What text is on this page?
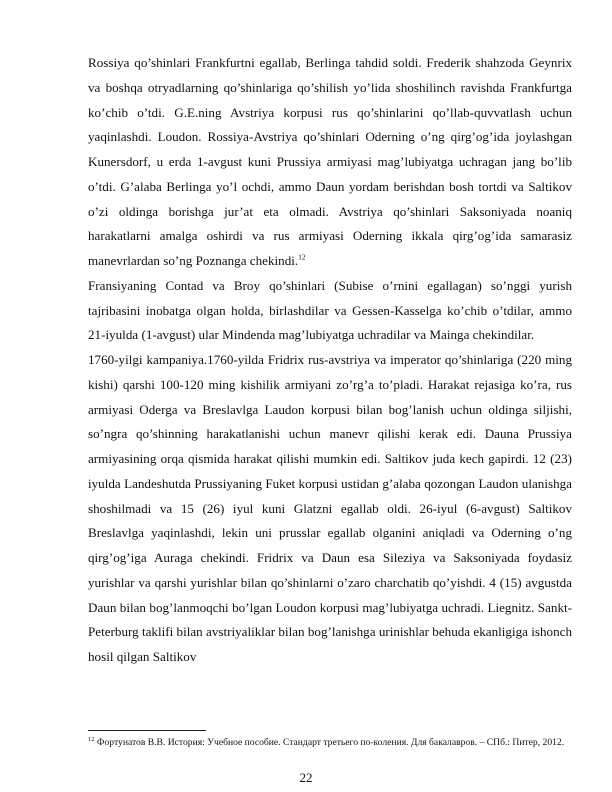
Rossiya qo’shinlari Frankfurtni egallab, Berlinga tahdid soldi. Frederik shahzoda Geynrix va boshqa otryadlarning qo’shinlariga qo’shilish yo’lida shoshilinch ravishda Frankfurtga ko’chib o’tdi. G.E.ning Avstriya korpusi rus qo’shinlarini qo’llab-quvvatlash uchun yaqinlashdi. Loudon. Rossiya-Avstriya qo’shinlari Oderning o’ng qirg’og’ida joylashgan Kunersdorf, u erda 1-avgust kuni Prussiya armiyasi mag’lubiyatga uchragan jang bo’lib o’tdi. G’alaba Berlinga yo’l ochdi, ammo Daun yordam berishdan bosh tortdi va Saltikov o’zi oldinga borishga jur’at eta olmadi. Avstriya qo’shinlari Saksoniyada noaniq harakatlarni amalga oshirdi va rus armiyasi Oderning ikkala qirg’og’ida samarasiz manevrlardan so’ng Poznanga chekindi.$^{12}$

Fransiyaning Contad va Broy qo’shinlari (Subise o’rnini egallagan) so’nggi yurish tajribasini inobatga olgan holda, birlashdilar va Gessen-Kasselga ko’chib o’tdilar, ammo 21-iyulda (1-avgust) ular Mindenda mag’lubiyatga uchradilar va Mainga chekindilar.

1760-yilgi kampaniya.1760-yilda Fridrix rus-avstriya va imperator qo’shinlariga (220 ming kishi) qarshi 100-120 ming kishilik armiyani zo’rg’a to’pladi. Harakat rejasiga ko’ra, rus armiyasi Oderga va Breslavlga Laudon korpusi bilan bog’lanish uchun oldinga siljishi, so’ngra qo’shinning harakatlanishi uchun manevr qilishi kerak edi. Dauna Prussiya armiyasining orqa qismida harakat qilishi mumkin edi. Saltikov juda kech gapirdi. 12 (23) iyulda Landeshutda Prussiyaning Fuket korpusi ustidan g’alaba qozongan Laudon ulanishga shoshilmadi va 15 (26) iyul kuni Glatzni egallab oldi. 26-iyul (6-avgust) Saltikov Breslavlga yaqinlashdi, lekin uni prusslar egallab olganini aniqladi va Oderning o’ng qirg’og’iga Auraga chekindi. Fridrix va Daun esa Sileziya va Saksoniyada foydasiz yurishlar va qarshi yurishlar bilan qo’shinlarni o’zaro charchatib qo’yishdi. 4 (15) avgustda Daun bilan bog’lanmoqchi bo’lgan Loudon korpusi mag’lubiyatga uchradi. Liegnitz. Sankt-Peterburg taklifi bilan avstriyaliklar bilan bog’lanishga urinishlar behuda ekanligiga ishonch hosil qilgan Saltikov

$^{12}$ Фортунатов В.В. История: Учебное пособие. Стандарт третьего по-коления. Для бакалавров. – СПб.: Питер, 2012.

22
